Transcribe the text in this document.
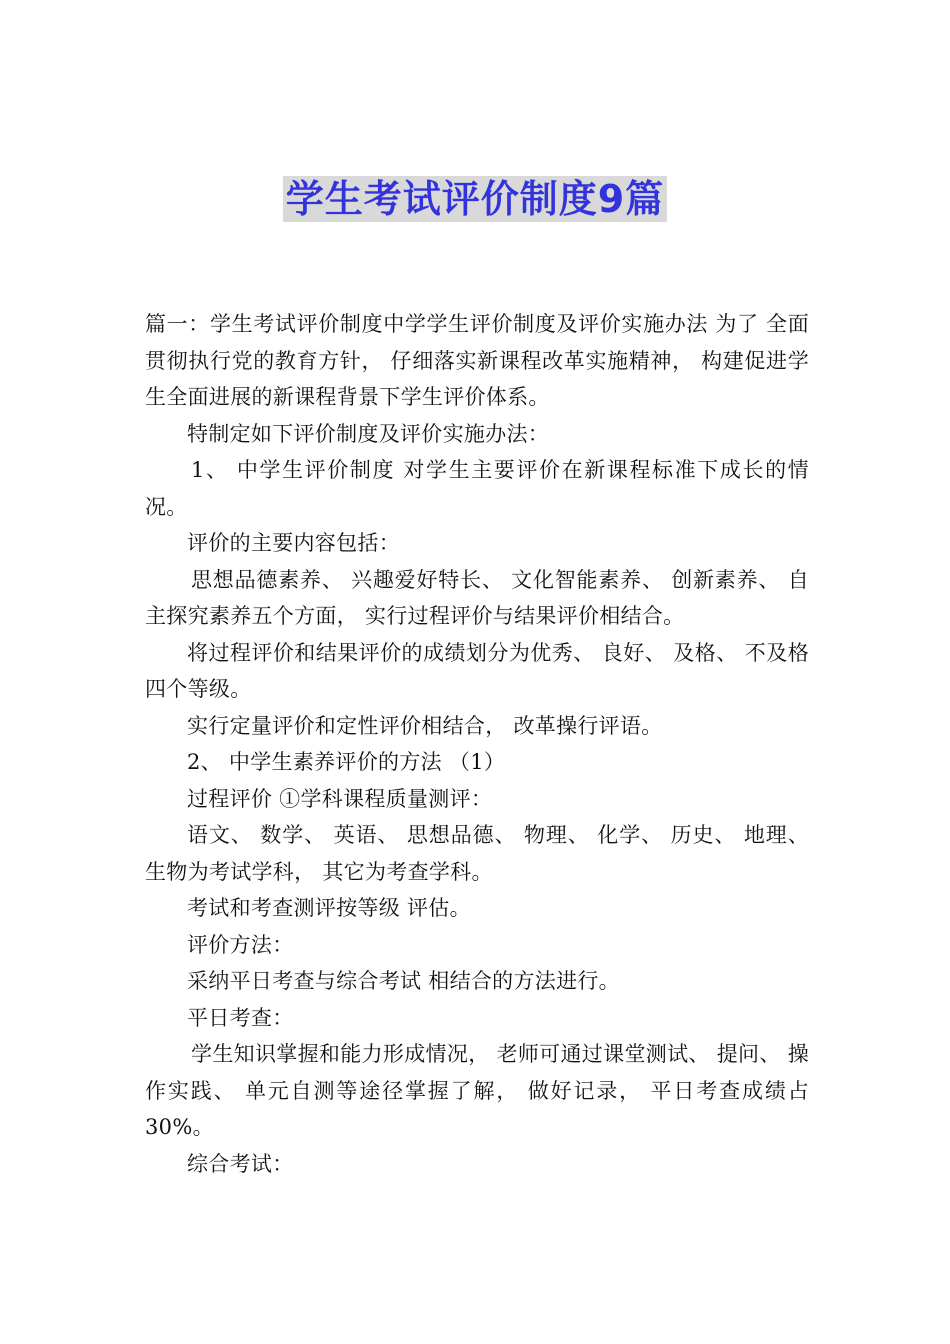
学生考试评价制度9篇

篇一：学生考试评价制度中学学生评价制度及评价实施办法 为了 全面贯彻执行党的教育方针， 仔细落实新课程改革实施精神， 构建促进学生全面进展的新课程背景下学生评价体系。

特制定如下评价制度及评价实施办法：

1、 中学生评价制度 对学生主要评价在新课程标准下成长的情况。

评价的主要内容包括：

思想品德素养、 兴趣爱好特长、 文化智能素养、 创新素养、 自主探究素养五个方面， 实行过程评价与结果评价相结合。

将过程评价和结果评价的成绩划分为优秀、 良好、 及格、 不及格四个等级。

实行定量评价和定性评价相结合， 改革操行评语。

2、 中学生素养评价的方法 （1）

过程评价 ①学科课程质量测评：

语文、 数学、 英语、 思想品德、 物理、 化学、 历史、 地理、 生物为考试学科， 其它为考查学科。

考试和考查测评按等级 评估。

评价方法：

采纳平日考查与综合考试 相结合的方法进行。

平日考查：

学生知识掌握和能力形成情况， 老师可通过课堂测试、 提问、 操作实践、 单元自测等途径掌握了解， 做好记录， 平日考查成绩占 30%。

综合考试：
